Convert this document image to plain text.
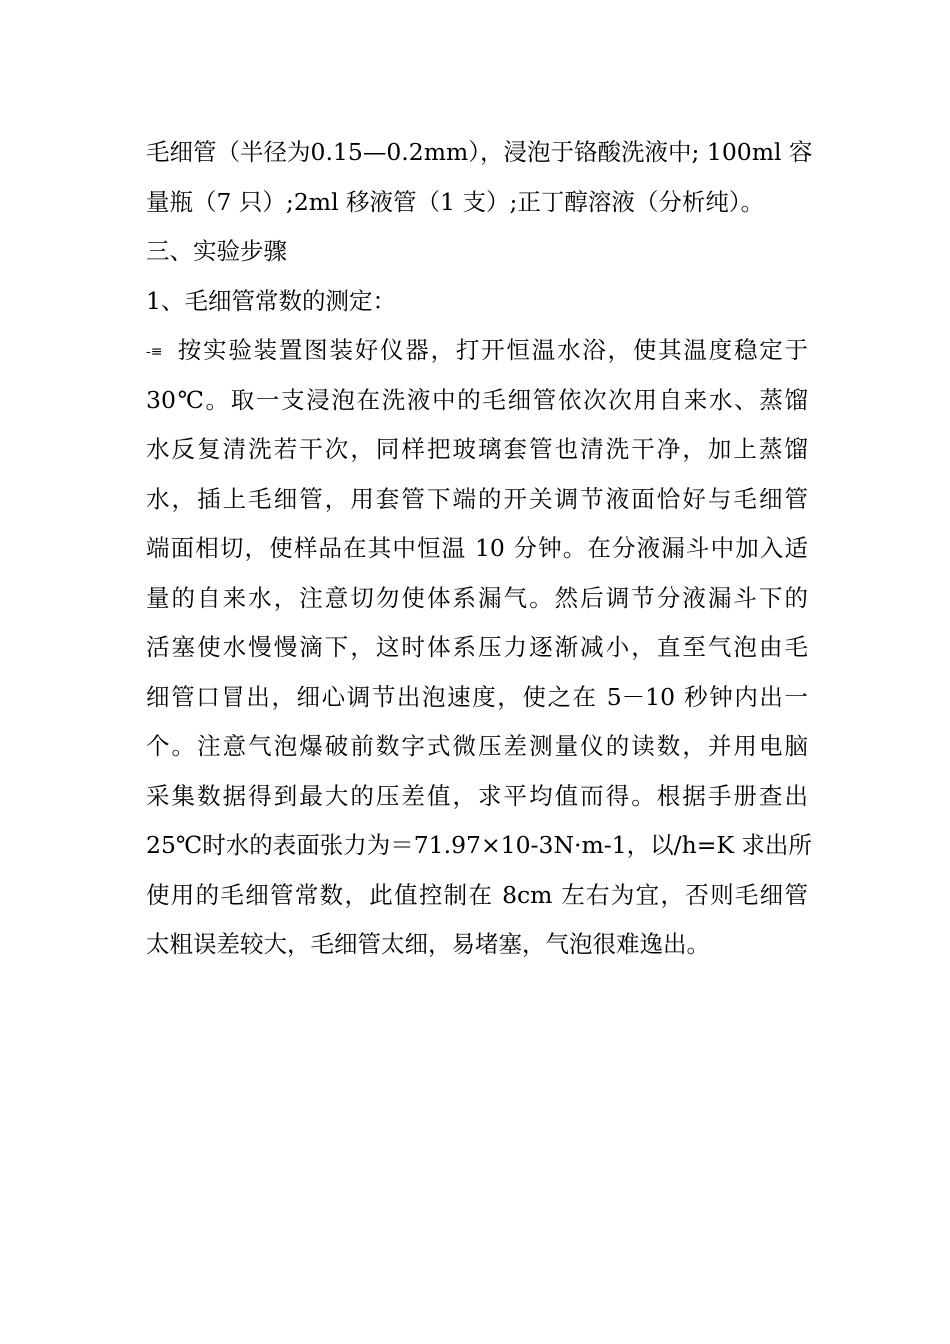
毛细管（半径为0.15—0.2mm），浸泡于铬酸洗液中; 100ml 容
量瓶（7 只）;2ml 移液管（1 支）;正丁醇溶液（分析纯）。
三、实验步骤
1、毛细管常数的测定：
-≡ 按实验装置图装好仪器，打开恒温水浴，使其温度稳定于
30℃。取一支浸泡在洗液中的毛细管依次次用自来水、蒸馏
水反复清洗若干次，同样把玻璃套管也清洗干净，加上蒸馏
水，插上毛细管，用套管下端的开关调节液面恰好与毛细管
端面相切，使样品在其中恒温 10 分钟。在分液漏斗中加入适
量的自来水，注意切勿使体系漏气。然后调节分液漏斗下的
活塞使水慢慢滴下，这时体系压力逐渐减小，直至气泡由毛
细管口冒出，细心调节出泡速度，使之在 5－10 秒钟内出一
个。注意气泡爆破前数字式微压差测量仪的读数，并用电脑
采集数据得到最大的压差值，求平均值而得。根据手册查出
25℃时水的表面张力为＝71.97×10-3N·m-1，以/h=K 求出所
使用的毛细管常数，此值控制在 8cm 左右为宜，否则毛细管
太粗误差较大，毛细管太细，易堵塞，气泡很难逸出。
